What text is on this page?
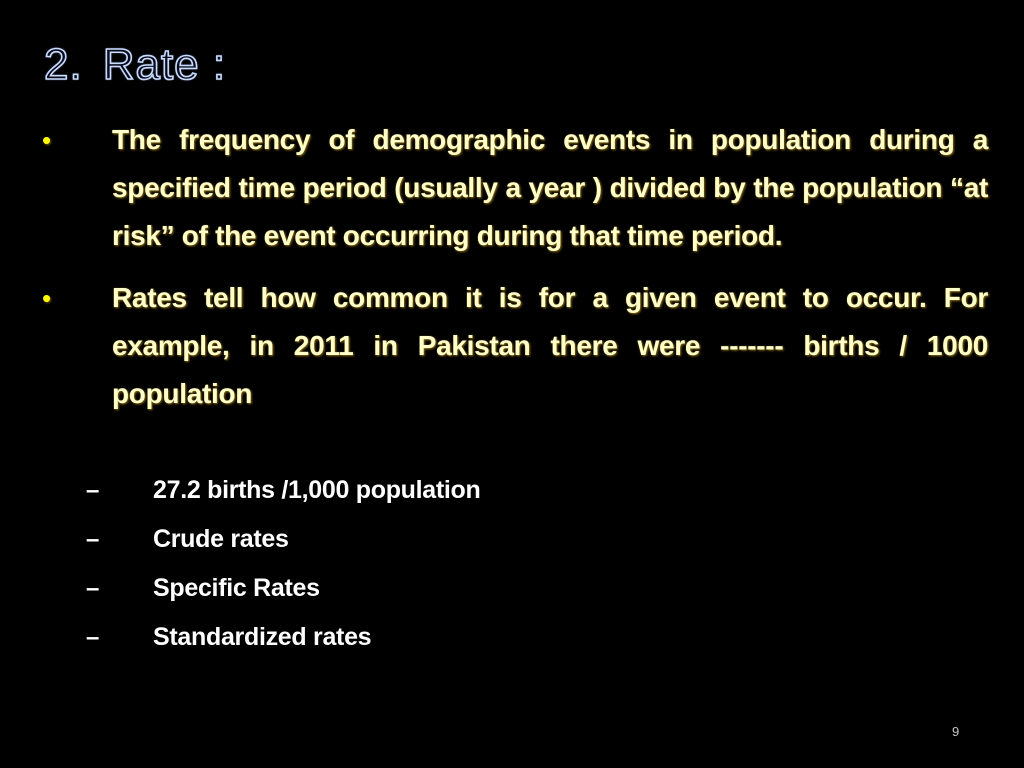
2. Rate :
•	The frequency of demographic events in population during a specified time period (usually a year ) divided by the population “at risk” of the event occurring during that time period.
•	Rates tell how common it is for a given event to occur. For example, in 2011 in Pakistan there were ------- births / 1000 population
–	27.2 births /1,000 population
–	Crude rates
–	Specific Rates
–	Standardized rates
9
